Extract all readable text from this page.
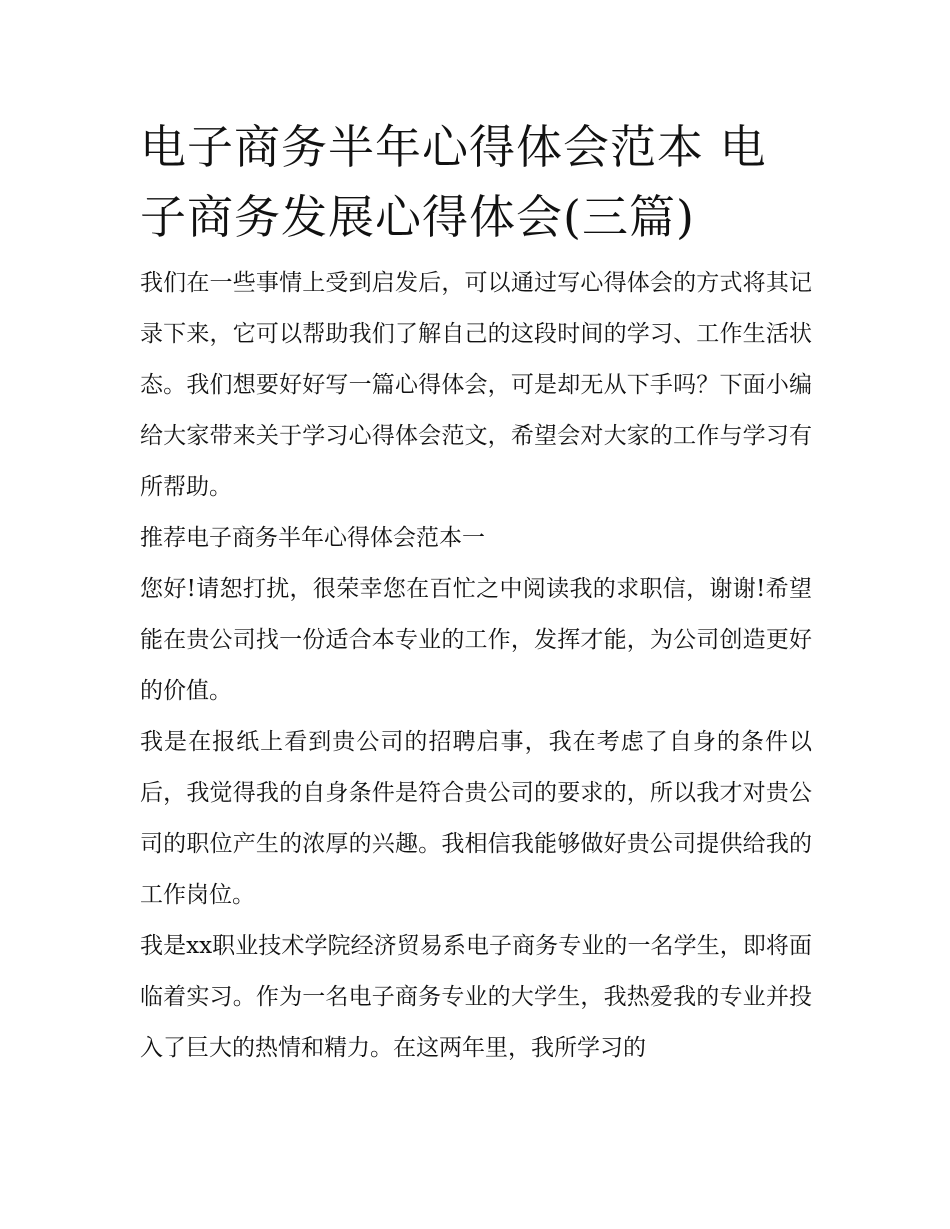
电子商务半年心得体会范本 电子商务发展心得体会(三篇)

我们在一些事情上受到启发后，可以通过写心得体会的方式将其记录下来，它可以帮助我们了解自己的这段时间的学习、工作生活状态。我们想要好好写一篇心得体会，可是却无从下手吗？下面小编给大家带来关于学习心得体会范文，希望会对大家的工作与学习有所帮助。

推荐电子商务半年心得体会范本一

您好!请恕打扰，很荣幸您在百忙之中阅读我的求职信，谢谢!希望能在贵公司找一份适合本专业的工作，发挥才能，为公司创造更好的价值。

我是在报纸上看到贵公司的招聘启事，我在考虑了自身的条件以后，我觉得我的自身条件是符合贵公司的要求的，所以我才对贵公司的职位产生的浓厚的兴趣。我相信我能够做好贵公司提供给我的工作岗位。

我是xx职业技术学院经济贸易系电子商务专业的一名学生，即将面临着实习。作为一名电子商务专业的大学生，我热爱我的专业并投入了巨大的热情和精力。在这两年里，我所学习的
